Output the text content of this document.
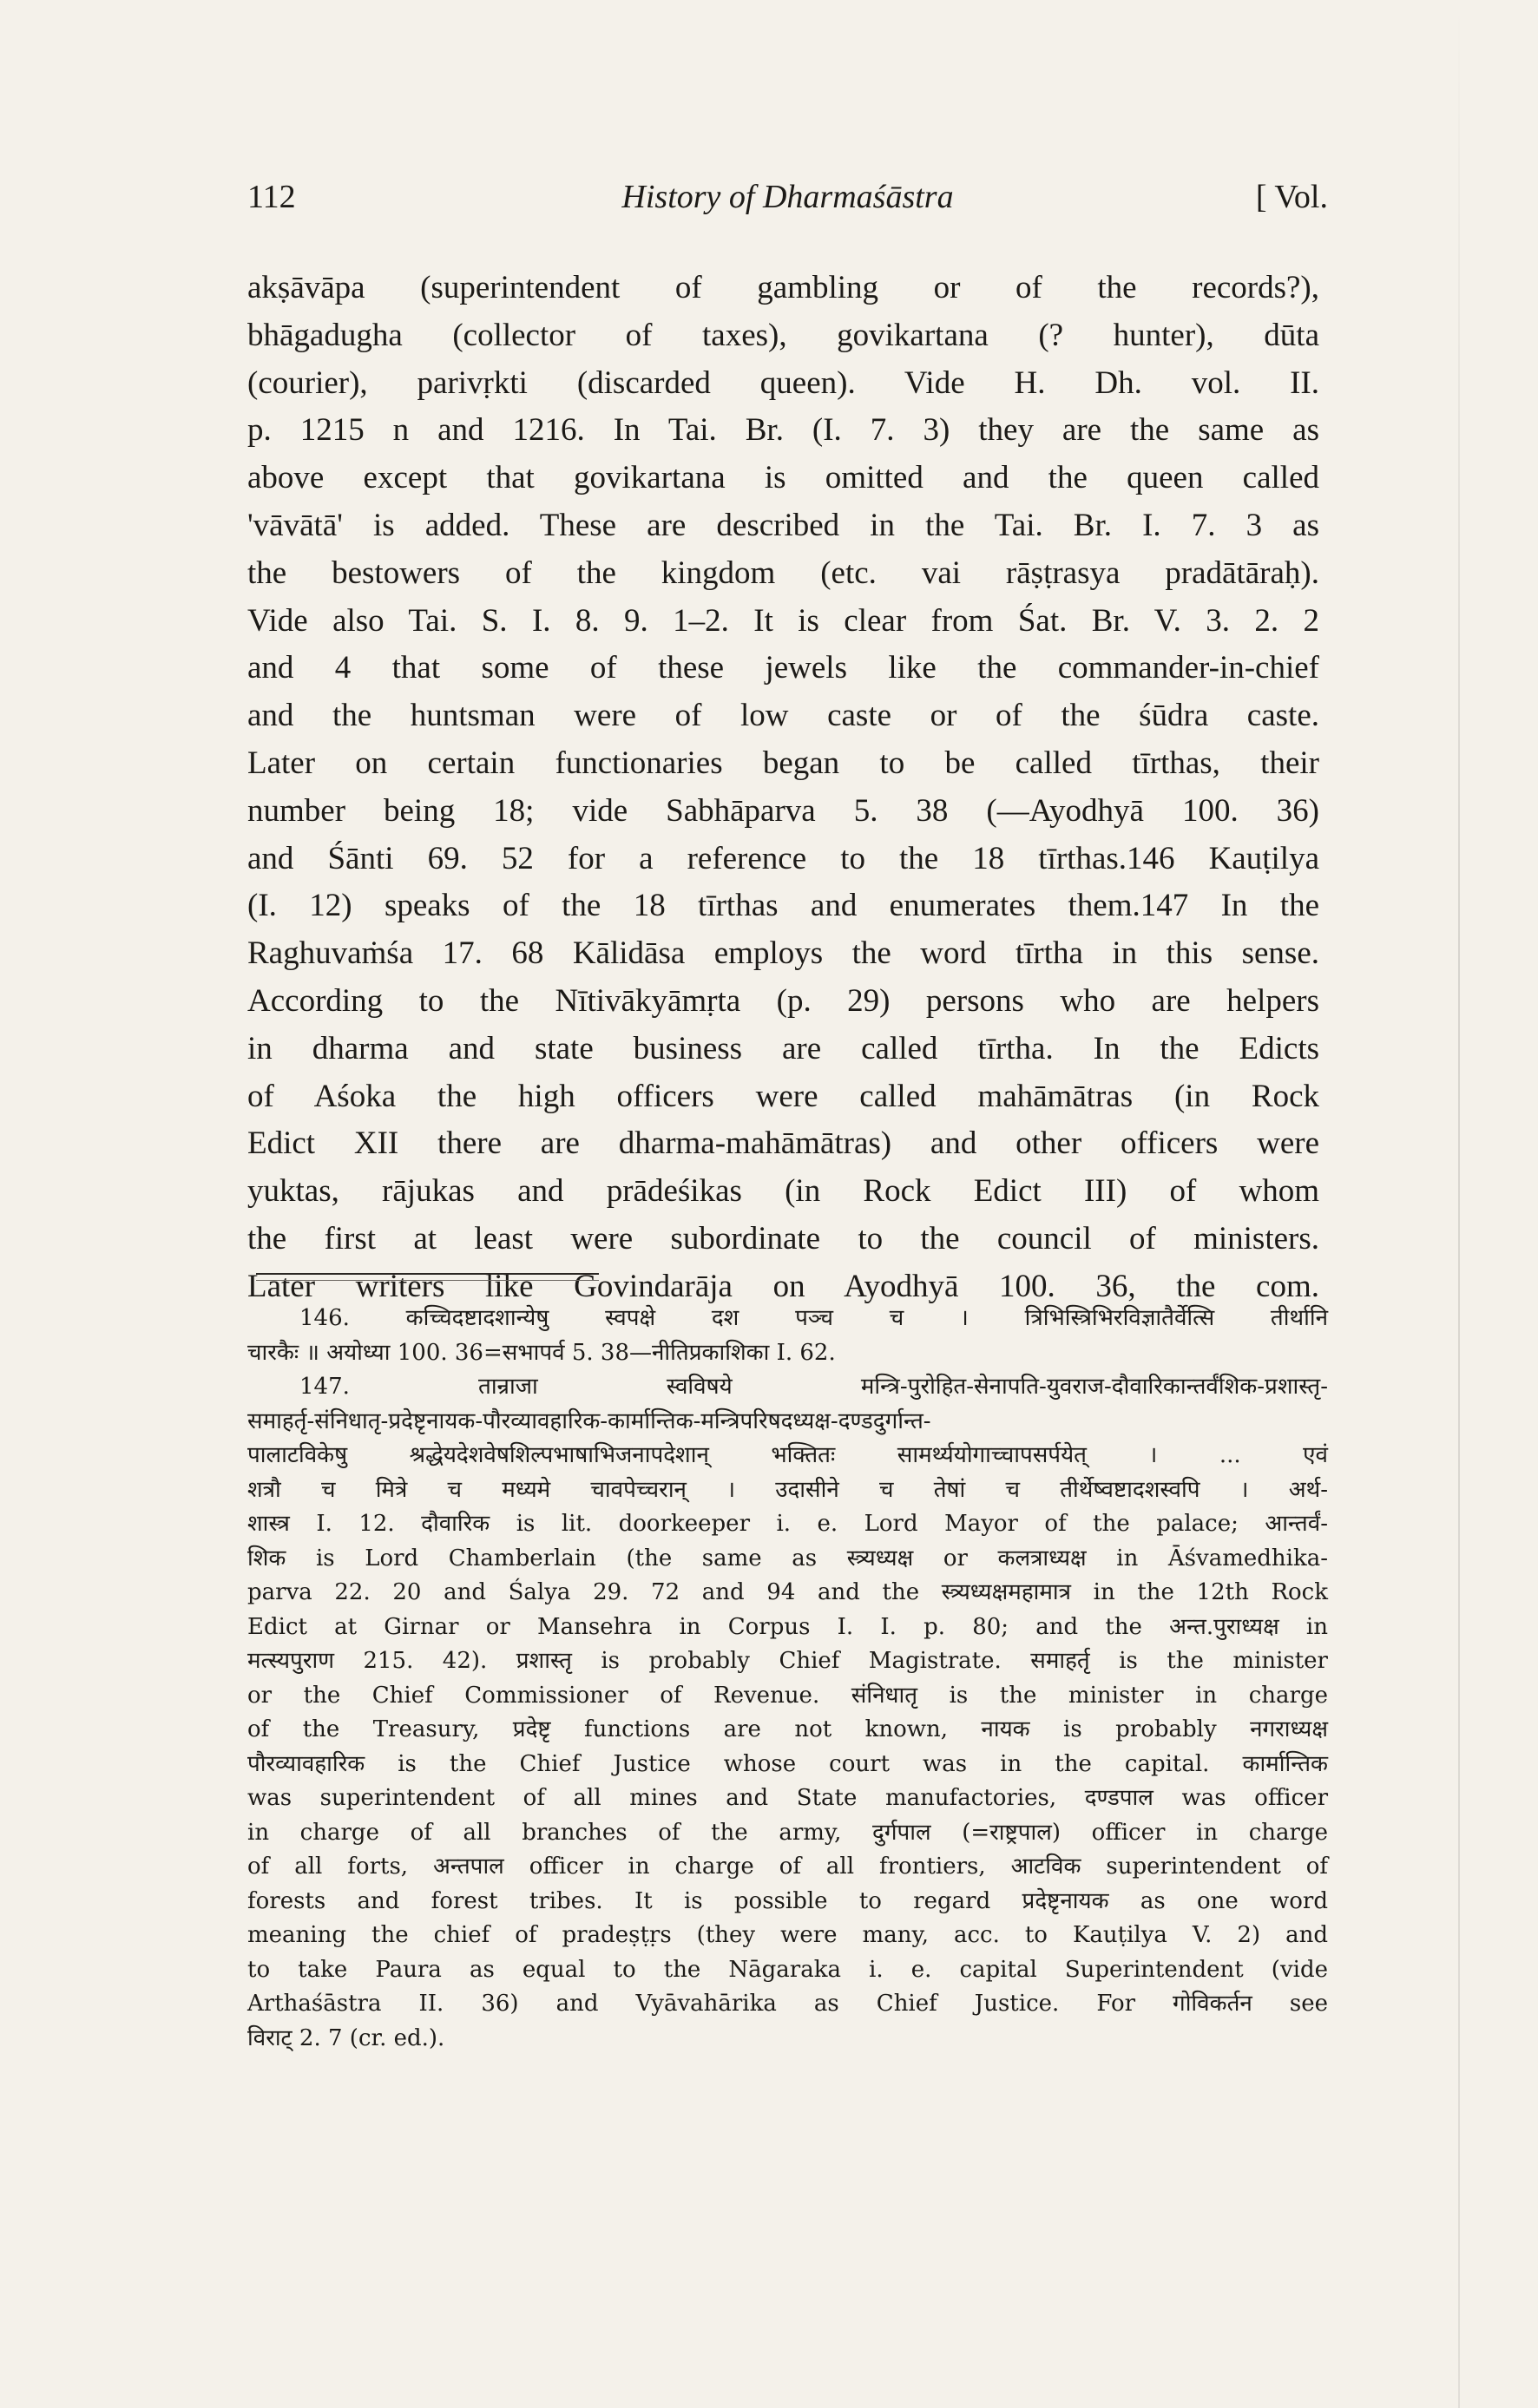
112	History of Dharmaśāstra	[ Vol.
akṣāvāpa (superintendent of gambling or of the records?),
bhāgadugha (collector of taxes), govikartana (? hunter), dūta
(courier), parivṛkti (discarded queen). Vide H. Dh. vol. II.
p. 1215 n and 1216. In Tai. Br. (I. 7. 3) they are the same as
above except that govikartana is omitted and the queen called
'vāvātā' is added. These are described in the Tai. Br. I. 7. 3 as
the bestowers of the kingdom (etc. vai rāṣṭrasya pradātāraḥ).
Vide also Tai. S. I. 8. 9. 1–2. It is clear from Śat. Br. V. 3. 2. 2
and 4 that some of these jewels like the commander-in-chief
and the huntsman were of low caste or of the śūdra caste.
Later on certain functionaries began to be called tīrthas, their
number being 18; vide Sabhāparva 5. 38 (—Ayodhyā 100. 36)
and Śānti 69. 52 for a reference to the 18 tīrthas.146 Kauṭilya
(I. 12) speaks of the 18 tīrthas and enumerates them.147 In the
Raghuvaṁśa 17. 68 Kālidāsa employs the word tīrtha in this sense.
According to the Nītivākyāmṛta (p. 29) persons who are helpers
in dharma and state business are called tīrtha. In the Edicts
of Aśoka the high officers were called mahāmātras (in Rock
Edict XII there are dharma-mahāmātras) and other officers were
yuktas, rājukas and prādeśikas (in Rock Edict III) of whom
the first at least were subordinate to the council of ministers.
Later writers like Govindarāja on Ayodhyā 100. 36, the com.
146. कच्चिदष्टादशान्येषु स्वपक्षे दश पञ्च च । त्रिभिस्त्रिभिरविज्ञातैर्वेत्सि तीर्थानि
चारकैः ॥ अयोध्या 100. 36=सभापर्व 5. 38—नीतिप्रकाशिका I. 62.
147. तान्राजा स्वविषये मन्त्रि-पुरोहित-सेनापति-युवराज-दौवारिकान्तर्वंशिक-प्रशास्तृ-
समाहर्तृ-संनिधातृ-प्रदेष्टृनायक-पौरव्यावहारिक-कार्मान्तिक-मन्त्रिपरिषदध्यक्ष-दण्डदुर्गान्त-
पालाटविकेषु श्रद्धेयदेशवेषशिल्पभाषाभिजनापदेशान् भक्तितः सामर्थ्ययोगाच्चापसर्पयेत् । ... एवं
शत्रौ च मित्रे च मध्यमे चावपेच्चरान् । उदासीने च तेषां च तीर्थेष्वष्टादशस्वपि । अर्थ-
शास्त्र I. 12. दौवारिक is lit. doorkeeper i. e. Lord Mayor of the palace; आन्तर्वं-
शिक is Lord Chamberlain (the same as स्त्र्यध्यक्ष or कलत्राध्यक्ष in Āśvamedhika-
parva 22. 20 and Śalya 29. 72 and 94 and the स्त्र्यध्यक्षमहामात्र in the 12th Rock
Edict at Girnar or Mansehra in Corpus I. I. p. 80; and the अन्त.पुराध्यक्ष in
मत्स्यपुराण 215. 42). प्रशास्तृ is probably Chief Magistrate. समाहर्तृ is the minister
or the Chief Commissioner of Revenue. संनिधातृ is the minister in charge
of the Treasury, प्रदेष्टृ functions are not known, नायक is probably नगराध्यक्ष
पौरव्यावहारिक is the Chief Justice whose court was in the capital. कार्मान्तिक
was superintendent of all mines and State manufactories, दण्डपाल was officer
in charge of all branches of the army, दुर्गपाल (=राष्ट्रपाल) officer in charge
of all forts, अन्तपाल officer in charge of all frontiers, आटविक superintendent of
forests and forest tribes. It is possible to regard प्रदेष्टृनायक as one word
meaning the chief of pradeṣṭṛs (they were many, acc. to Kauṭilya V. 2) and
to take Paura as equal to the Nāgaraka i. e. capital Superintendent (vide
Arthaśāstra II. 36) and Vyāvahārika as Chief Justice. For गोविकर्तन see
विराट् 2. 7 (cr. ed.).
